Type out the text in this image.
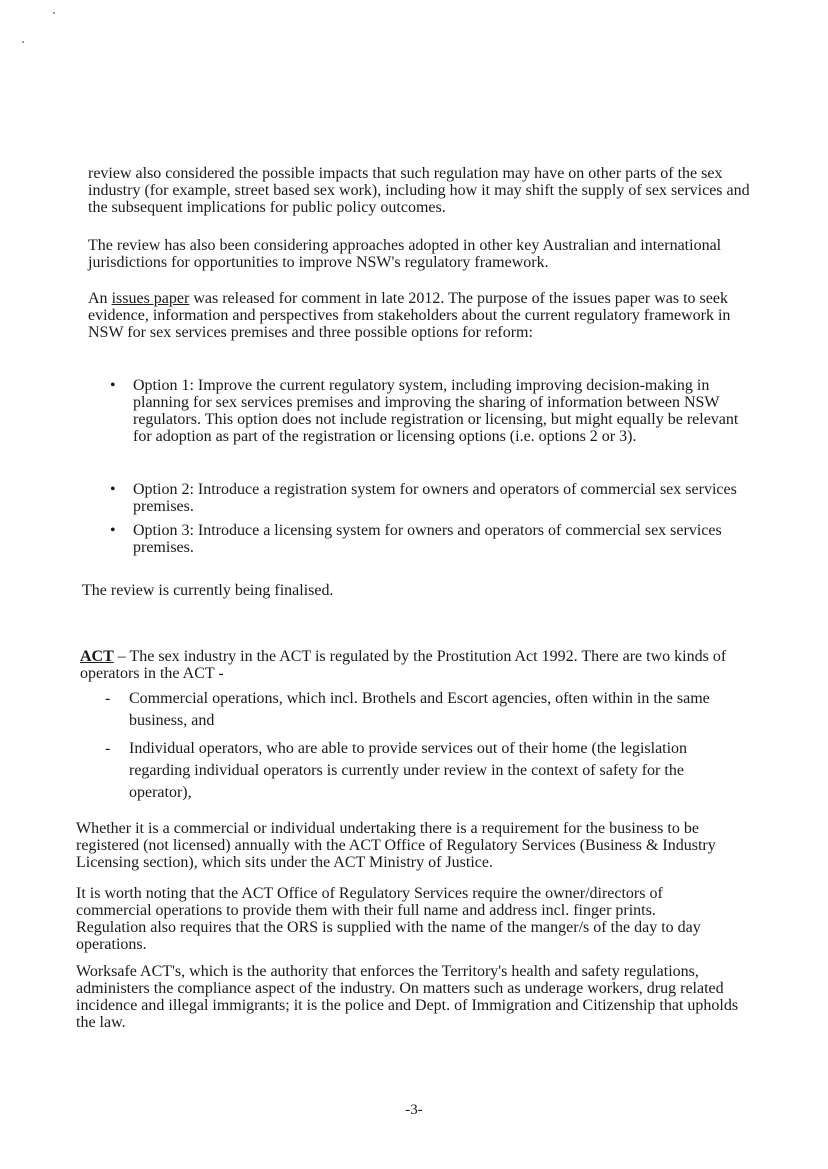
review also considered the possible impacts that such regulation may have on other parts of the sex industry (for example, street based sex work), including how it may shift the supply of sex services and the subsequent implications for public policy outcomes.

The review has also been considering approaches adopted in other key Australian and international jurisdictions for opportunities to improve NSW's regulatory framework.

An issues paper was released for comment in late 2012. The purpose of the issues paper was to seek evidence, information and perspectives from stakeholders about the current regulatory framework in NSW for sex services premises and three possible options for reform:

• Option 1: Improve the current regulatory system, including improving decision-making in planning for sex services premises and improving the sharing of information between NSW regulators. This option does not include registration or licensing, but might equally be relevant for adoption as part of the registration or licensing options (i.e. options 2 or 3).
• Option 2: Introduce a registration system for owners and operators of commercial sex services premises.
• Option 3: Introduce a licensing system for owners and operators of commercial sex services premises.

The review is currently being finalised.

ACT – The sex industry in the ACT is regulated by the Prostitution Act 1992. There are two kinds of operators in the ACT -

- Commercial operations, which incl. Brothels and Escort agencies, often within in the same business, and
- Individual operators, who are able to provide services out of their home (the legislation regarding individual operators is currently under review in the context of safety for the operator),

Whether it is a commercial or individual undertaking there is a requirement for the business to be registered (not licensed) annually with the ACT Office of Regulatory Services (Business & Industry Licensing section), which sits under the ACT Ministry of Justice.

It is worth noting that the ACT Office of Regulatory Services require the owner/directors of commercial operations to provide them with their full name and address incl. finger prints.

Regulation also requires that the ORS is supplied with the name of the manger/s of the day to day operations.

Worksafe ACT's, which is the authority that enforces the Territory's health and safety regulations, administers the compliance aspect of the industry. On matters such as underage workers, drug related incidence and illegal immigrants; it is the police and Dept. of Immigration and Citizenship that upholds the law.

-3-
